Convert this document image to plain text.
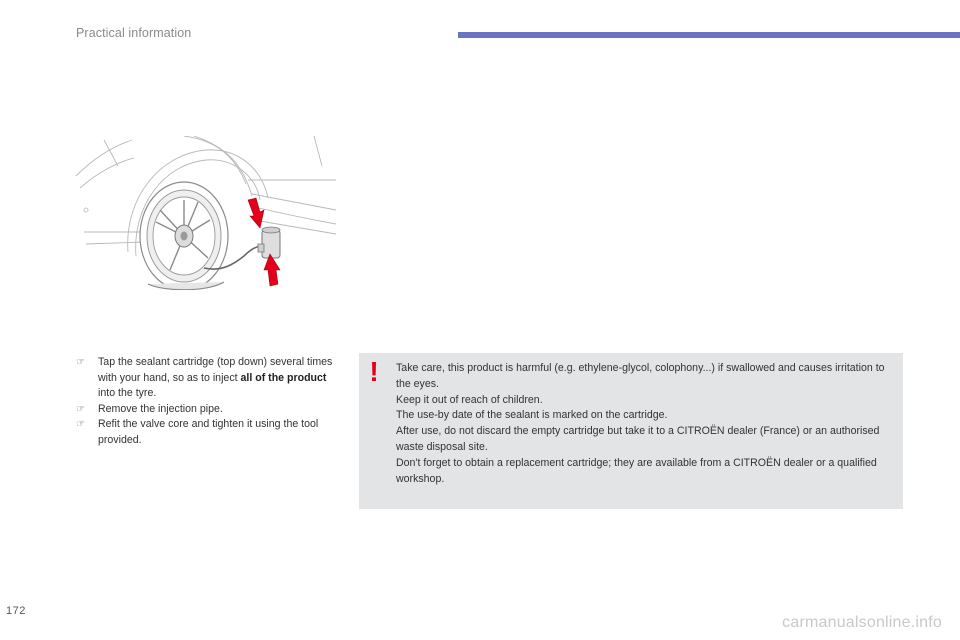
Practical information
☞ Tap the sealant cartridge (top down) several times with your hand, so as to inject all of the product into the tyre.
☞ Remove the injection pipe.
☞ Refit the valve core and tighten it using the tool provided.
!	Take care, this product is harmful (e.g. ethylene-glycol, colophony...) if swallowed and causes irritation to the eyes.
Keep it out of reach of children.
The use-by date of the sealant is marked on the cartridge.
After use, do not discard the empty cartridge but take it to a CITROËN dealer (France) or an authorised waste disposal site.
Don't forget to obtain a replacement cartridge; they are available from a CITROËN dealer or a qualified workshop.
172
carmanualsonline.info
